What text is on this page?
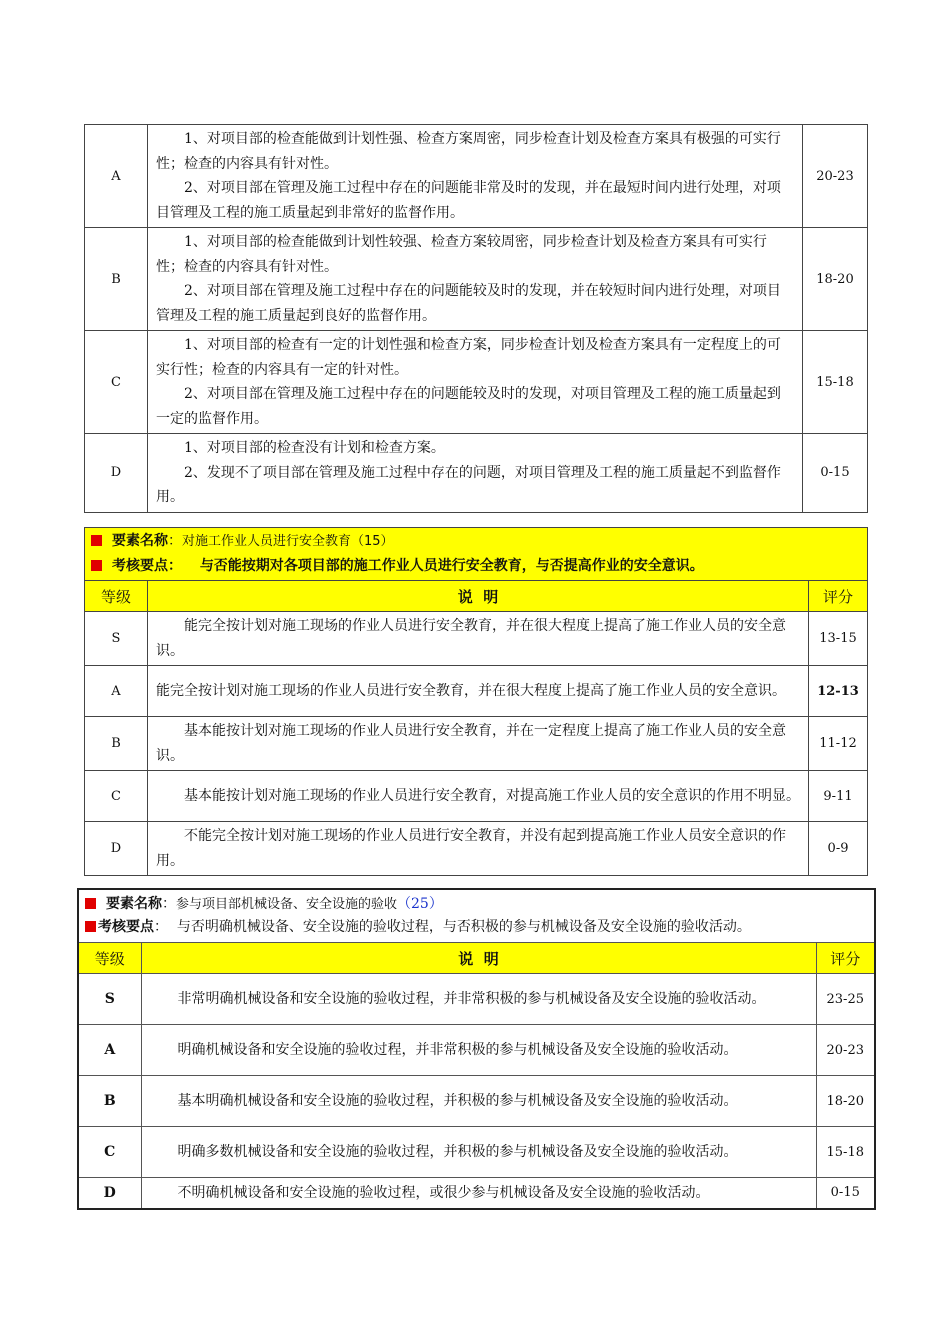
A	1、对项目部的检查能做到计划性强、检查方案周密，同步检查计划及检查方案具有极强的可实行性；检查的内容具有针对性。

2、对项目部在管理及施工过程中存在的问题能非常及时的发现，并在最短时间内进行处理，对项目管理及工程的施工质量起到非常好的监督作用。	20-23
B	1、对项目部的检查能做到计划性较强、检查方案较周密，同步检查计划及检查方案具有可实行性；检查的内容具有针对性。

2、对项目部在管理及施工过程中存在的问题能较及时的发现，并在较短时间内进行处理，对项目管理及工程的施工质量起到良好的监督作用。	18-20
C	1、对项目部的检查有一定的计划性强和检查方案，同步检查计划及检查方案具有一定程度上的可实行性；检查的内容具有一定的针对性。

2、对项目部在管理及施工过程中存在的问题能较及时的发现，对项目管理及工程的施工质量起到一定的监督作用。	15-18
D	1、对项目部的检查没有计划和检查方案。

2、发现不了项目部在管理及施工过程中存在的问题，对项目管理及工程的施工质量起不到监督作用。	0-15
要素名称：对施工作业人员进行安全教育（15）
考核要点： 与否能按期对各项目部的施工作业人员进行安全教育，与否提高作业的安全意识。		

等级	说  明	评分
S	能完全按计划对施工现场的作业人员进行安全教育，并在很大程度上提高了施工作业人员的安全意识。	13-15
A	能完全按计划对施工现场的作业人员进行安全教育，并在很大程度上提高了施工作业人员的安全意识。	12-13
B	基本能按计划对施工现场的作业人员进行安全教育，并在一定程度上提高了施工作业人员的安全意识。	11-12
C	基本能按计划对施工现场的作业人员进行安全教育，对提高施工作业人员的安全意识的作用不明显。	9-11
D	不能完全按计划对施工现场的作业人员进行安全教育，并没有起到提高施工作业人员安全意识的作用。	0-9
要素名称：参与项目部机械设备、安全设施的验收（25）
考核要点：  与否明确机械设备、安全设施的验收过程，与否积极的参与机械设备及安全设施的验收活动。		

等级	说  明	评分
S	非常明确机械设备和安全设施的验收过程，并非常积极的参与机械设备及安全设施的验收活动。	23-25
A	明确机械设备和安全设施的验收过程，并非常积极的参与机械设备及安全设施的验收活动。	20-23
B	基本明确机械设备和安全设施的验收过程，并积极的参与机械设备及安全设施的验收活动。	18-20
C	明确多数机械设备和安全设施的验收过程，并积极的参与机械设备及安全设施的验收活动。	15-18
D	不明确机械设备和安全设施的验收过程，或很少参与机械设备及安全设施的验收活动。	0-15
